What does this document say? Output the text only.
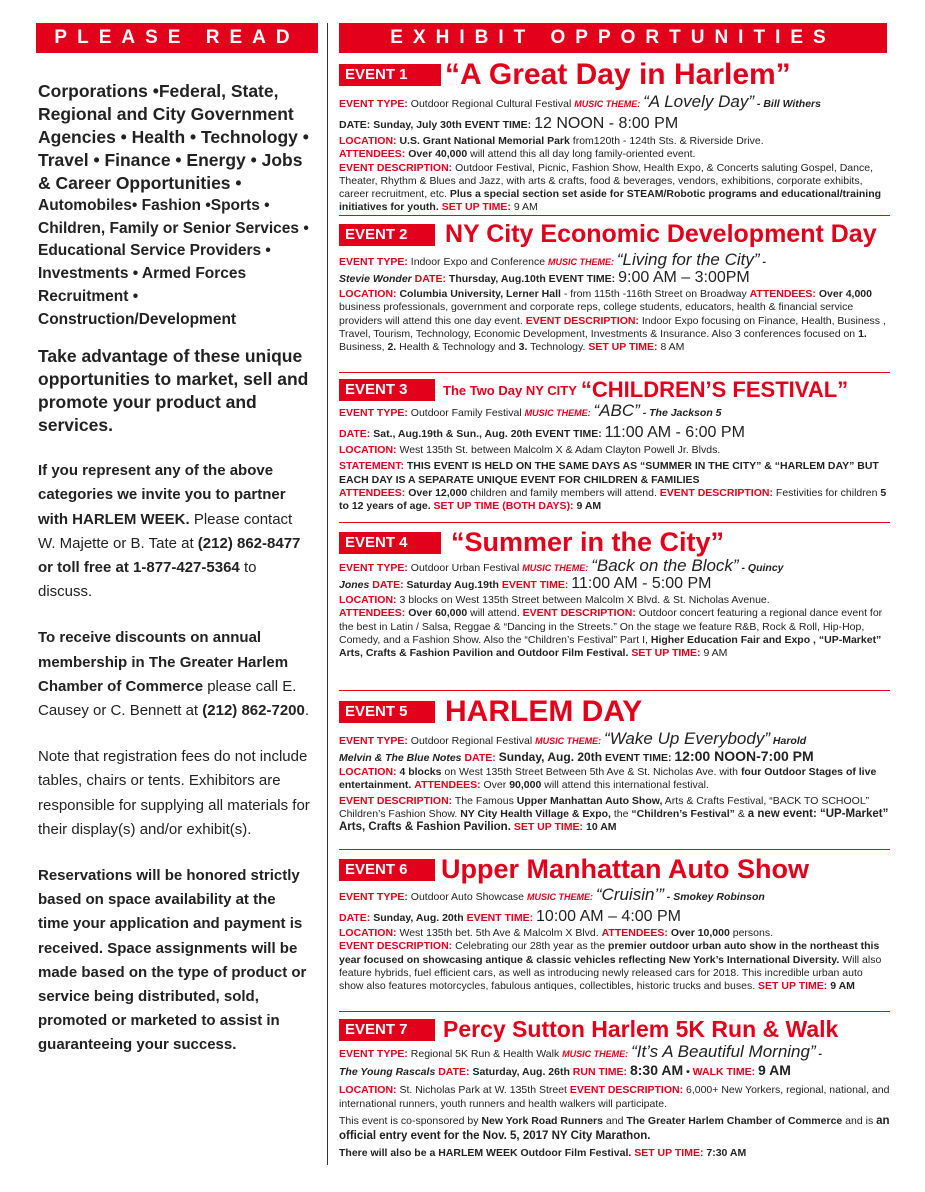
PLEASE READ	EXHIBIT OPPORTUNITIES

Corporations •Federal, State, Regional and City Government Agencies • Health • Technology • Travel • Finance • Energy • Jobs & Career Opportunities •

Automobiles• Fashion •Sports • Children, Family or Senior Services • Educational Service Providers • Investments • Armed Forces Recruitment • Construction/Development

Take advantage of these unique opportunities to market, sell and promote your product and services.

If you represent any of the above categories we invite you to partner with HARLEM WEEK. Please contact W. Majette or B. Tate at (212) 862-8477 or toll free at 1-877-427-5364 to discuss.

To receive discounts on annual membership in The Greater Harlem Chamber of Commerce please call E. Causey or C. Bennett at (212) 862-7200.

Note that registration fees do not include tables, chairs or tents. Exhibitors are responsible for supplying all materials for their display(s) and/or exhibit(s).

Reservations will be honored strictly based on space availability at the time your application and payment is received. Space assignments will be made based on the type of product or service being distributed, sold, promoted or marketed to assist in guaranteeing your success.

EVENT 1	“A Great Day in Harlem”
EVENT TYPE: Outdoor Regional Cultural Festival MUSIC THEME: “A Lovely Day” - Bill Withers
DATE: Sunday, July 30th EVENT TIME: 12 NOON - 8:00 PM
LOCATION: U.S. Grant National Memorial Park from120th - 124th Sts. & Riverside Drive.
ATTENDEES: Over 40,000 will attend this all day long family-oriented event.
EVENT DESCRIPTION: Outdoor Festival, Picnic, Fashion Show, Health Expo, & Concerts saluting Gospel, Dance, Theater, Rhythm & Blues and Jazz, with arts & crafts, food & beverages, vendors, exhibitions, corporate exhibits, career recruitment, etc. Plus a special section set aside for STEAM/Robotic programs and educational/training initiatives for youth. SET UP TIME: 9 AM
EVENT 2	NY City Economic Development Day
EVENT TYPE: Indoor Expo and Conference MUSIC THEME: “Living for the City” -
Stevie Wonder DATE: Thursday, Aug.10th EVENT TIME: 9:00 AM – 3:00PM
LOCATION: Columbia University, Lerner Hall - from 115th -116th Street on Broadway ATTENDEES: Over 4,000 business professionals, government and corporate reps, college students, educators, health & financial service providers will attend this one day event. EVENT DESCRIPTION: Indoor Expo focusing on Finance, Health, Business , Travel, Tourism, Technology, Economic Development, Investments & Insurance. Also 3 conferences focused on 1. Business, 2. Health & Technology and 3. Technology. SET UP TIME: 8 AM
EVENT 3	The Two Day NY CITY “CHILDREN’S FESTIVAL”
EVENT TYPE: Outdoor Family Festival MUSIC THEME: “ABC” - The Jackson 5
DATE: Sat., Aug.19th & Sun., Aug. 20th EVENT TIME: 11:00 AM - 6:00 PM
LOCATION: West 135th St. between Malcolm X & Adam Clayton Powell Jr. Blvds.
STATEMENT: THIS EVENT IS HELD ON THE SAME DAYS AS “SUMMER IN THE CITY” & “HARLEM DAY” BUT EACH DAY IS A SEPARATE UNIQUE EVENT FOR CHILDREN & FAMILIES
ATTENDEES: Over 12,000 children and family members will attend. EVENT DESCRIPTION: Festivities for children 5 to 12 years of age. SET UP TIME (BOTH DAYS): 9 AM
EVENT 4	“Summer in the City”
EVENT TYPE: Outdoor Urban Festival MUSIC THEME: “Back on the Block” - Quincy
Jones DATE: Saturday Aug.19th EVENT TIME: 11:00 AM - 5:00 PM
LOCATION: 3 blocks on West 135th Street between Malcolm X Blvd. & St. Nicholas Avenue.
ATTENDEES: Over 60,000 will attend. EVENT DESCRIPTION: Outdoor concert featuring a regional dance event for the best in Latin / Salsa, Reggae & “Dancing in the Streets.” On the stage we feature R&B, Rock & Roll, Hip-Hop, Comedy, and a Fashion Show. Also the “Children’s Festival” Part I, Higher Education Fair and Expo , “UP-Market” Arts, Crafts & Fashion Pavilion and Outdoor Film Festival. SET UP TIME: 9 AM
EVENT 5	HARLEM DAY
EVENT TYPE: Outdoor Regional Festival MUSIC THEME: “Wake Up Everybody” Harold
Melvin & The Blue Notes DATE: Sunday, Aug. 20th EVENT TIME: 12:00 NOON-7:00 PM
LOCATION: 4 blocks on West 135th Street Between 5th Ave & St. Nicholas Ave. with four Outdoor Stages of live entertainment. ATTENDEES: Over 90,000 will attend this international festival.
EVENT DESCRIPTION: The Famous Upper Manhattan Auto Show, Arts & Crafts Festival, “BACK TO SCHOOL” Children’s Fashion Show. NY City Health Village & Expo, the “Children’s Festival” & a new event: “UP-Market” Arts, Crafts & Fashion Pavilion. SET UP TIME: 10 AM
EVENT 6	Upper Manhattan Auto Show
EVENT TYPE: Outdoor Auto Showcase MUSIC THEME: “Cruisin’” - Smokey Robinson
DATE: Sunday, Aug. 20th EVENT TIME: 10:00 AM – 4:00 PM
LOCATION: West 135th bet. 5th Ave & Malcolm X Blvd. ATTENDEES: Over 10,000 persons.
EVENT DESCRIPTION: Celebrating our 28th year as the premier outdoor urban auto show in the northeast this year focused on showcasing antique & classic vehicles reflecting New York’s International Diversity. Will also feature hybrids, fuel efficient cars, as well as introducing newly released cars for 2018. This incredible urban auto show also features motorcycles, fabulous antiques, collectibles, historic trucks and buses. SET UP TIME: 9 AM
EVENT 7	Percy Sutton Harlem 5K Run & Walk
EVENT TYPE: Regional 5K Run & Health Walk MUSIC THEME: “It’s A Beautiful Morning” -
The Young Rascals DATE: Saturday, Aug. 26th RUN TIME: 8:30 AM • WALK TIME: 9 AM
LOCATION: St. Nicholas Park at W. 135th Street EVENT DESCRIPTION: 6,000+ New Yorkers, regional, national, and international runners, youth runners and health walkers will participate.
This event is co-sponsored by New York Road Runners and The Greater Harlem Chamber of Commerce and is an official entry event for the Nov. 5, 2017 NY City Marathon.
There will also be a HARLEM WEEK Outdoor Film Festival. SET UP TIME: 7:30 AM
